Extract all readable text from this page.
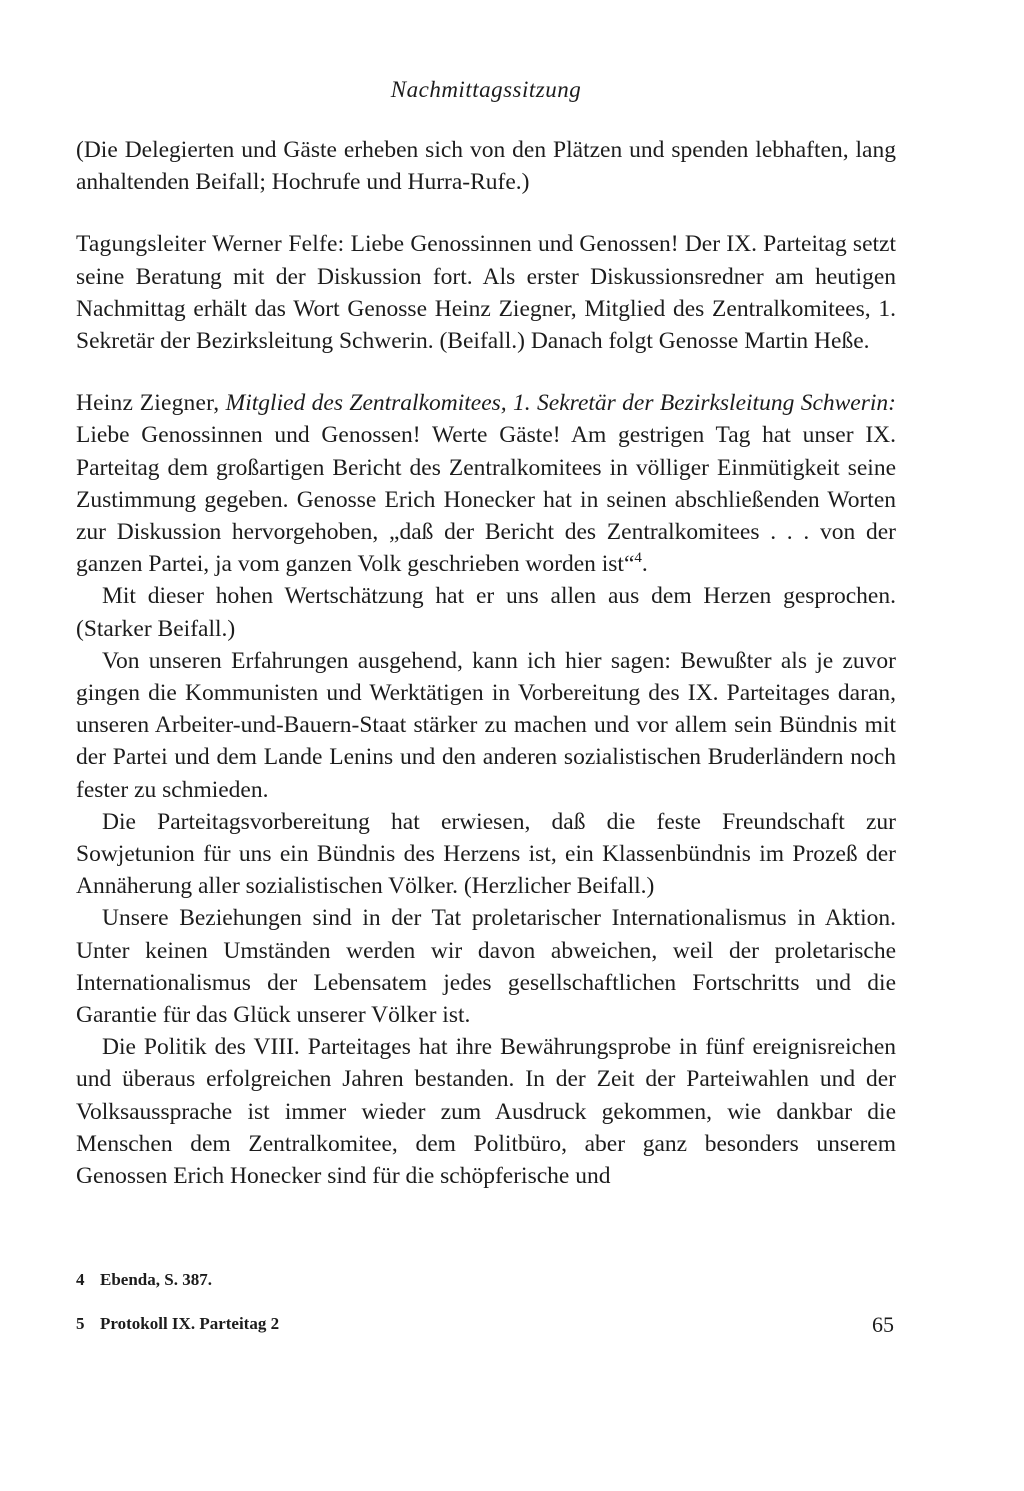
Nachmittagssitzung

(Die Delegierten und Gäste erheben sich von den Plätzen und spenden lebhaften, lang anhaltenden Beifall; Hochrufe und Hurra-Rufe.)

Tagungsleiter Werner Felfe: Liebe Genossinnen und Genossen! Der IX. Parteitag setzt seine Beratung mit der Diskussion fort. Als erster Diskussionsredner am heutigen Nachmittag erhält das Wort Genosse Heinz Ziegner, Mitglied des Zentralkomitees, 1. Sekretär der Bezirksleitung Schwerin. (Beifall.) Danach folgt Genosse Martin Heße.

Heinz Ziegner, Mitglied des Zentralkomitees, 1. Sekretär der Bezirksleitung Schwerin: Liebe Genossinnen und Genossen! Werte Gäste! Am gestrigen Tag hat unser IX. Parteitag dem großartigen Bericht des Zentralkomitees in völliger Einmütigkeit seine Zustimmung gegeben. Genosse Erich Honecker hat in seinen abschließenden Worten zur Diskussion hervorgehoben, „daß der Bericht des Zentralkomitees . . . von der ganzen Partei, ja vom ganzen Volk geschrieben worden ist“$^4$.

Mit dieser hohen Wertschätzung hat er uns allen aus dem Herzen gesprochen. (Starker Beifall.)

Von unseren Erfahrungen ausgehend, kann ich hier sagen: Bewußter als je zuvor gingen die Kommunisten und Werktätigen in Vorbereitung des IX. Parteitages daran, unseren Arbeiter-und-Bauern-Staat stärker zu machen und vor allem sein Bündnis mit der Partei und dem Lande Lenins und den anderen sozialistischen Bruderländern noch fester zu schmieden.

Die Parteitagsvorbereitung hat erwiesen, daß die feste Freundschaft zur Sowjetunion für uns ein Bündnis des Herzens ist, ein Klassenbündnis im Prozeß der Annäherung aller sozialistischen Völker. (Herzlicher Beifall.)

Unsere Beziehungen sind in der Tat proletarischer Internationalismus in Aktion. Unter keinen Umständen werden wir davon abweichen, weil der proletarische Internationalismus der Lebensatem jedes gesellschaftlichen Fortschritts und die Garantie für das Glück unserer Völker ist.

Die Politik des VIII. Parteitages hat ihre Bewährungsprobe in fünf ereignisreichen und überaus erfolgreichen Jahren bestanden. In der Zeit der Parteiwahlen und der Volksaussprache ist immer wieder zum Ausdruck gekommen, wie dankbar die Menschen dem Zentralkomitee, dem Politbüro, aber ganz besonders unserem Genossen Erich Honecker sind für die schöpferische und

4 Ebenda, S. 387.
5 Protokoll IX. Parteitag 2	65
